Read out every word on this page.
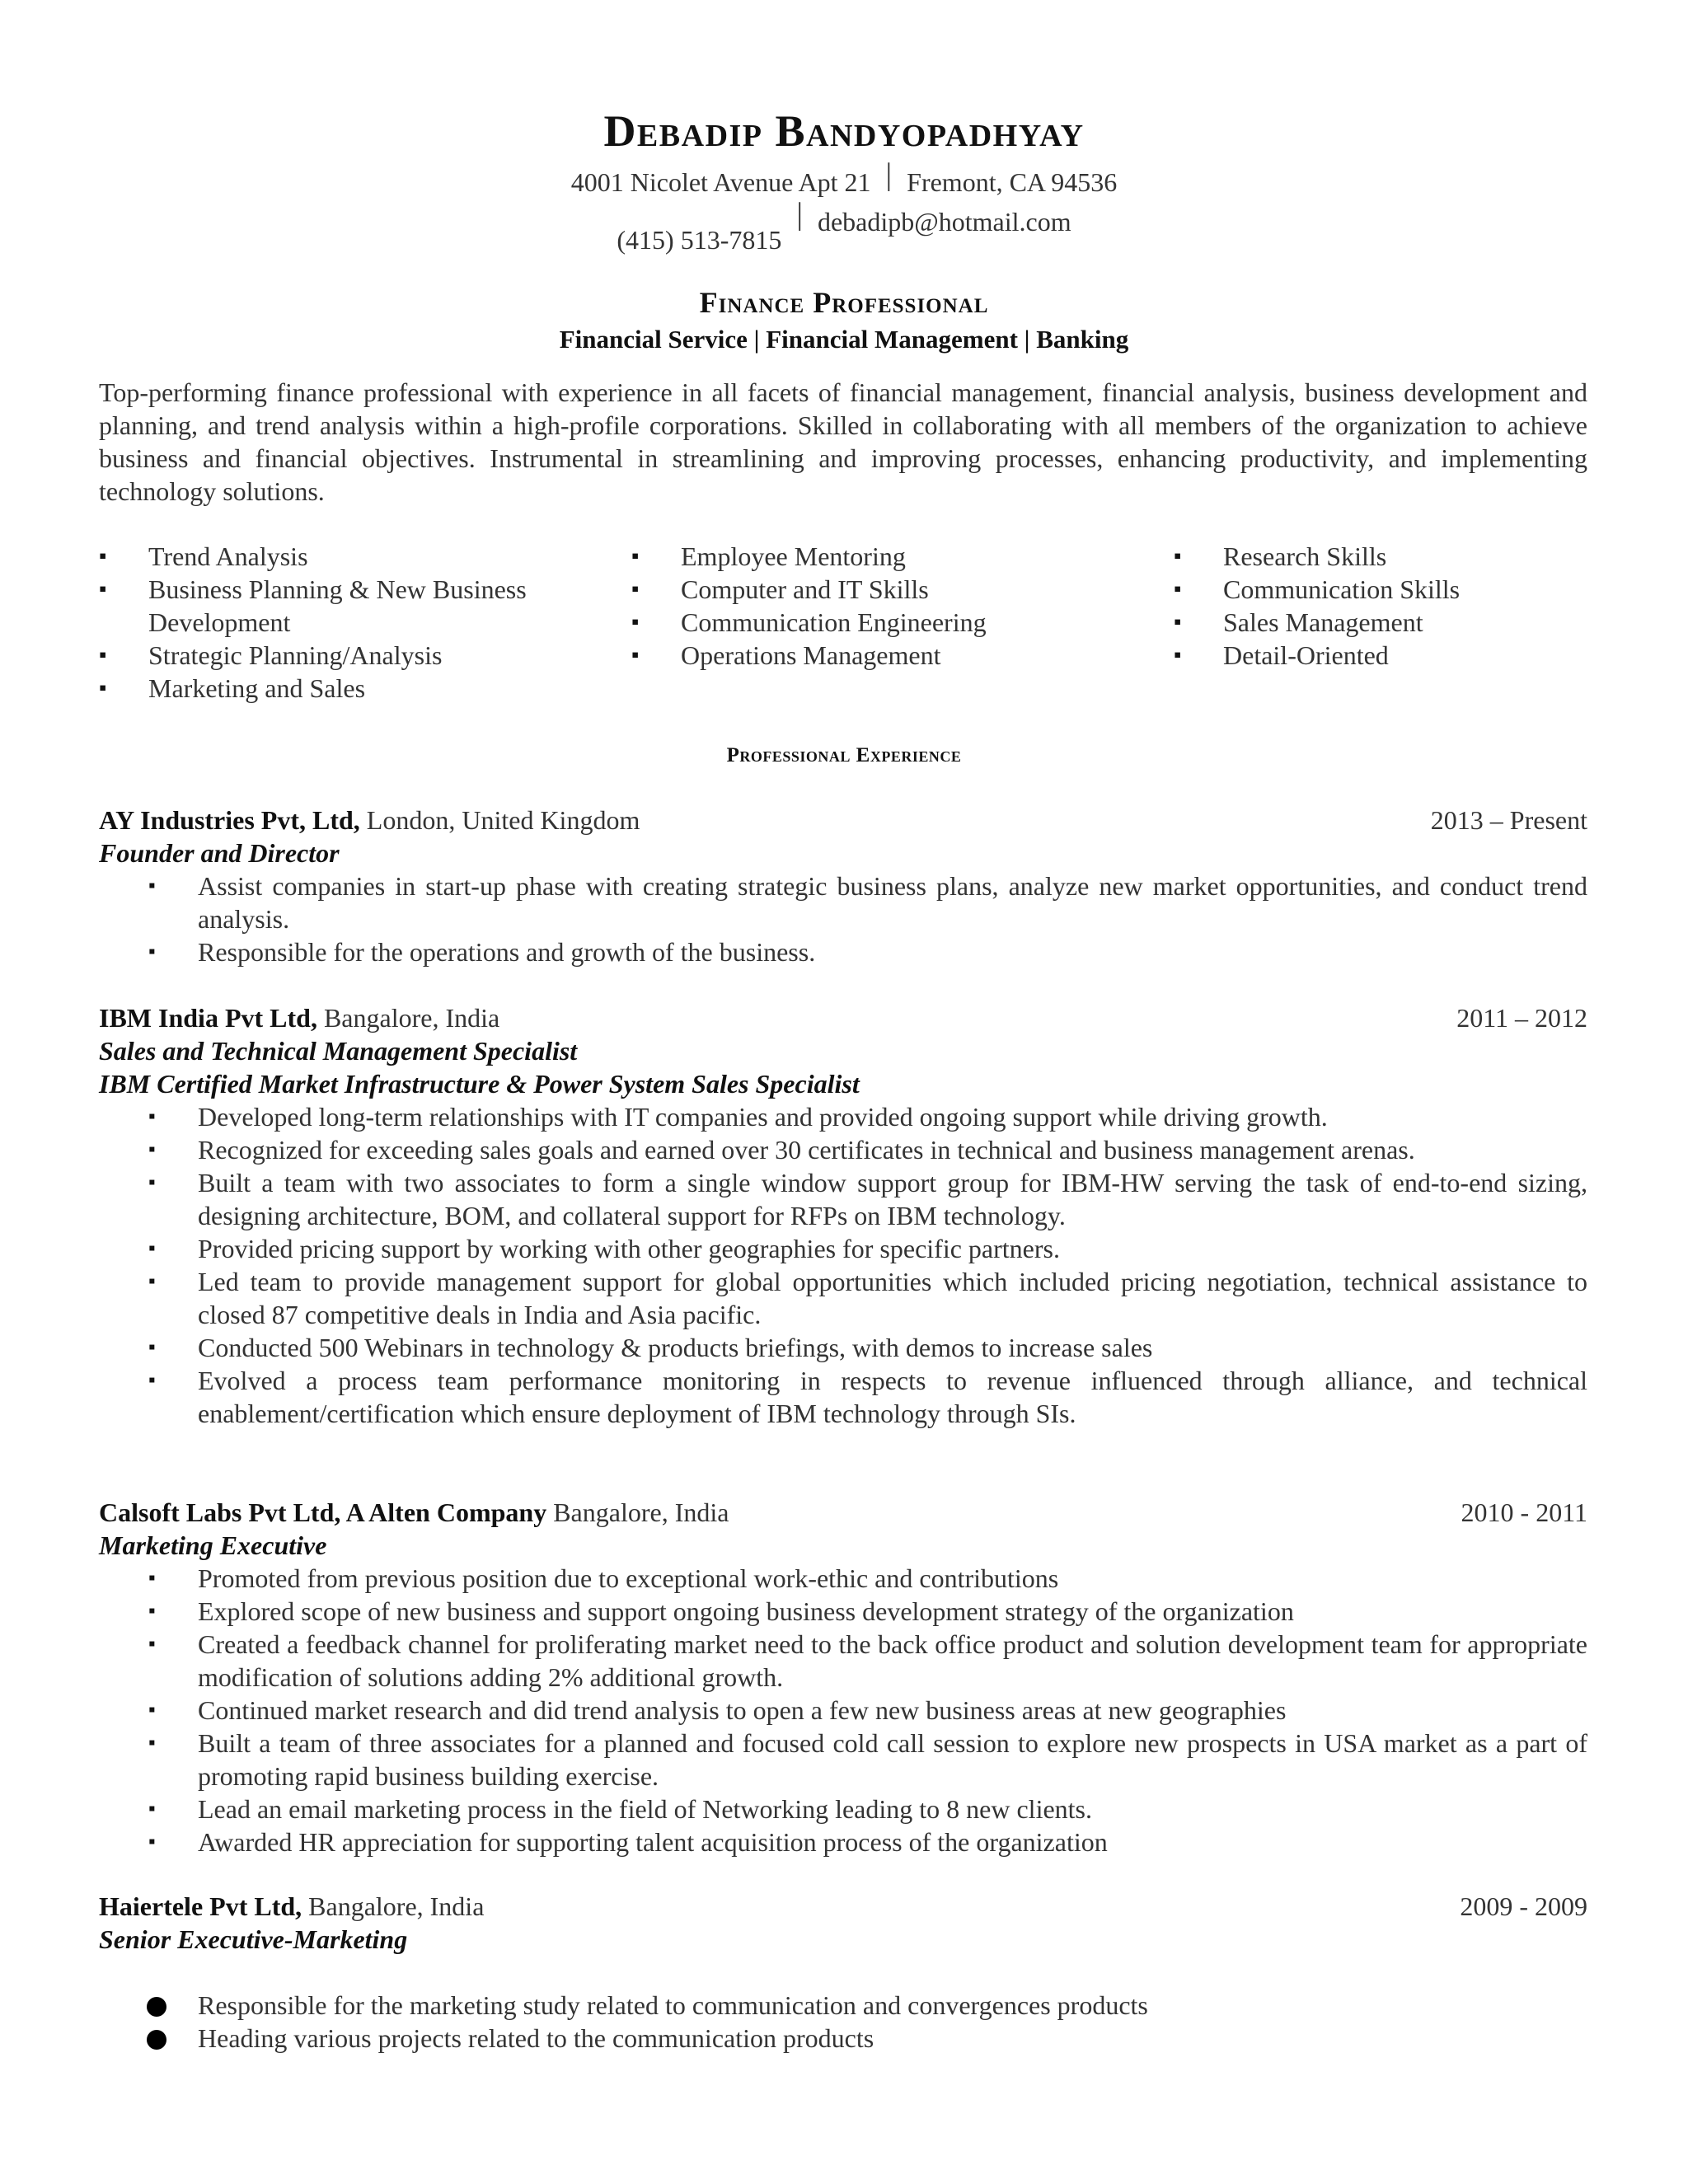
Debadip Bandyopadhyay
4001 Nicolet Avenue Apt 21 | Fremont, CA 94536
(415) 513-7815 | debadipb@hotmail.com
Finance Professional
Financial Service | Financial Management | Banking
Top-performing finance professional with experience in all facets of financial management, financial analysis, business development and planning, and trend analysis within a high-profile corporations. Skilled in collaborating with all members of the organization to achieve business and financial objectives. Instrumental in streamlining and improving processes, enhancing productivity, and implementing technology solutions.
▪ Trend Analysis
▪ Business Planning & New Business Development
▪ Strategic Planning/Analysis
▪ Marketing and Sales
▪ Employee Mentoring
▪ Computer and IT Skills
▪ Communication Engineering
▪ Operations Management
▪ Research Skills
▪ Communication Skills
▪ Sales Management
▪ Detail-Oriented
Professional Experience
AY Industries Pvt, Ltd, London, United Kingdom	2013 – Present
Founder and Director
▪ Assist companies in start-up phase with creating strategic business plans, analyze new market opportunities, and conduct trend analysis.
▪ Responsible for the operations and growth of the business.
IBM India Pvt Ltd, Bangalore, India	2011 – 2012
Sales and Technical Management Specialist
IBM Certified Market Infrastructure & Power System Sales Specialist
▪ Developed long-term relationships with IT companies and provided ongoing support while driving growth.
▪ Recognized for exceeding sales goals and earned over 30 certificates in technical and business management arenas.
▪ Built a team with two associates to form a single window support group for IBM-HW serving the task of end-to-end sizing, designing architecture, BOM, and collateral support for RFPs on IBM technology.
▪ Provided pricing support by working with other geographies for specific partners.
▪ Led team to provide management support for global opportunities which included pricing negotiation, technical assistance to closed 87 competitive deals in India and Asia pacific.
▪ Conducted 500 Webinars in technology & products briefings, with demos to increase sales
▪ Evolved a process team performance monitoring in respects to revenue influenced through alliance, and technical enablement/certification which ensure deployment of IBM technology through SIs.
Calsoft Labs Pvt Ltd, A Alten Company Bangalore, India	2010 - 2011
Marketing Executive
▪ Promoted from previous position due to exceptional work-ethic and contributions
▪ Explored scope of new business and support ongoing business development strategy of the organization
▪ Created a feedback channel for proliferating market need to the back office product and solution development team for appropriate modification of solutions adding 2% additional growth.
▪ Continued market research and did trend analysis to open a few new business areas at new geographies
▪ Built a team of three associates for a planned and focused cold call session to explore new prospects in USA market as a part of promoting rapid business building exercise.
▪ Lead an email marketing process in the field of Networking leading to 8 new clients.
▪ Awarded HR appreciation for supporting talent acquisition process of the organization
Haiertele Pvt Ltd, Bangalore, India	2009 - 2009
Senior Executive-Marketing
Responsible for the marketing study related to communication and convergences products
Heading various projects related to the communication products
